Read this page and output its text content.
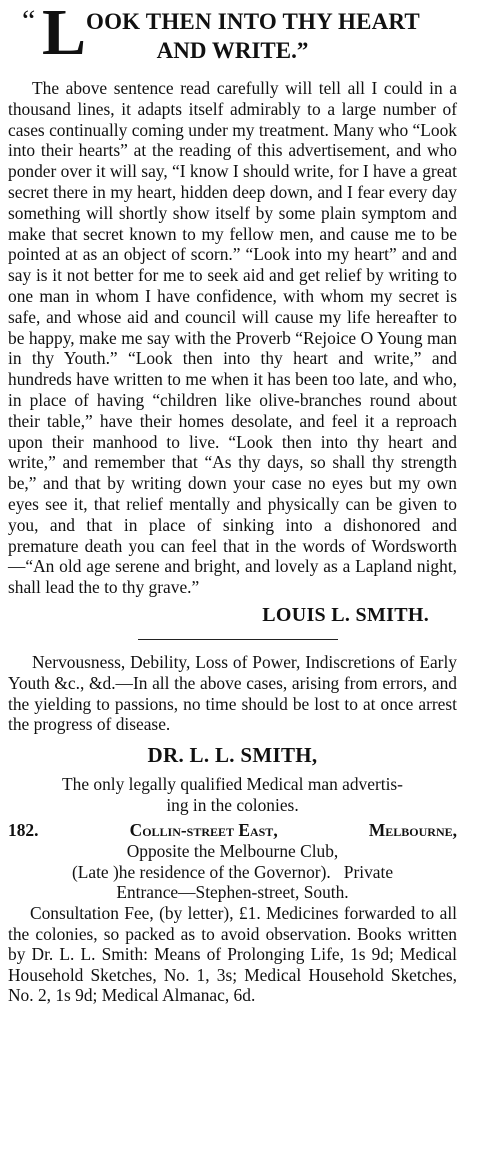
“ L OOK THEN INTO THY HEART
AND WRITE.”

The above sentence read carefully will tell all I could in a thousand lines, it adapts itself admirably to a large number of cases continually coming under my treatment. Many who “Look into their hearts” at the reading of this advertisement, and who ponder over it will say, “I know I should write, for I have a great secret there in my heart, hidden deep down, and I fear every day something will shortly show itself by some plain symptom and make that secret known to my fellow men, and cause me to be pointed at as an object of scorn.” “Look into my heart” and and say is it not better for me to seek aid and get relief by writing to one man in whom I have confidence, with whom my secret is safe, and whose aid and council will cause my life hereafter to be happy, make me say with the Proverb “Rejoice O Young man in thy Youth.” “Look then into thy heart and write,” and hundreds have written to me when it has been too late, and who, in place of having “children like olive-branches round about their table,” have their homes desolate, and feel it a reproach upon their manhood to live. “Look then into thy heart and write,” and remember that “As thy days, so shall thy strength be,” and that by writing down your case no eyes but my own eyes see it, that relief mentally and physically can be given to you, and that in place of sinking into a dishonored and premature death you can feel that in the words of Wordsworth—“An old age serene and bright, and lovely as a Lapland night, shall lead the to thy grave.”

LOUIS L. SMITH.

Nervousness, Debility, Loss of Power, Indiscretions of Early Youth &c., &d.—In all the above cases, arising from errors, and the yielding to passions, no time should be lost to at once arrest the progress of disease.

DR. L. L. SMITH,

The only legally qualified Medical man advertis-

ing in the colonies.

182.	Collin-street East,	Melbourne,

Opposite the Melbourne Club,

(Late )he residence of the Governor).   Private

Entrance—Stephen-street, South.

Consultation Fee, (by letter), £1. Medicines forwarded to all the colonies, so packed as to avoid observation. Books written by Dr. L. L. Smith: Means of Prolonging Life, 1s 9d; Medical Household Sketches, No. 1, 3s; Medical Household Sketches, No. 2, 1s 9d; Medical Almanac, 6d.
